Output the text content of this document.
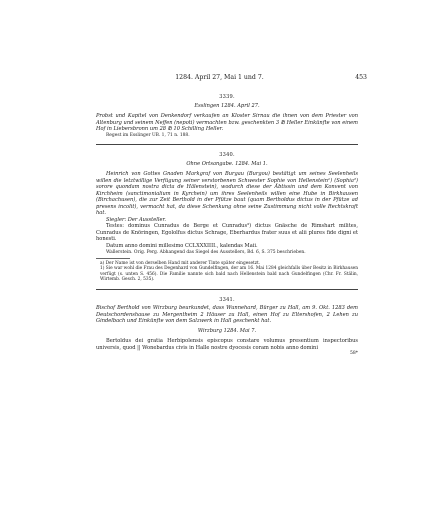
1284. April 27, Mai 1 und 7.	453
3339.
Esslingen 1284. April 27.

Probst und Kapitel von Denkendorf verkaufen an Kloster Sirnau die ihnen von dem Priester von Altenburg und seinem Neffen (nepoti) vermachten bzw. geschenkten 3 ℔ Heller Einkünfte von einem Hof in Liebersbronn um 28 ℔ 10 Schilling Heller.

Regest im Esslinger UB. 1, 71 n. 188.

3340.
Ohne Ortsangabe. 1284. Mai 1.

Heinrich von Gottes Gnaden Markgraf von Burgau (Burgou) bestätigt um seines Seelenheils willen die letztwillige Verfügung seiner verstorbenen Schwester Sophie von Hellenstein¹) (Sophia²) sorore quondam nostra dicta de Hälenstein), wodurch diese der Äbtissin und dem Konvent von Kirchheim (sanctimonialium in Kyrchein) um ihres Seelenheils willen eine Hube in Birkhausen (Birchachusen), die zur Zeit Berthold in der Pfütze baut (quam Bertholdus dictus in der Pfütze ad presens incolit), vermacht hat, da diese Schenkung ohne seine Zustimmung nicht volle Rechtskraft hat.

Siegler: Der Aussteller.

Testes: dominus Cunradus de Berge et Cunradus³) dictus Gnäsche de Rimshart milites, Cunradus de Knöringen, Egololfus dictus Schrage, Eberhardus frater suus et alii plures fide digni et honesti.

Datum anno domini millesimo CCLXXXIIII., kalendas Maii.

Wallerstein. Orig. Perg. Abhangend das Siegel des Ausstellers, Bd. 6, S. 375 beschrieben.

a) Der Name ist von derselben Hand mit anderer Tinte später eingesetzt.

1) Sie war wohl die Frau des Degenhard von Gundelfingen, der am 16. Mai 1284 gleichfalls über Besitz in Birkhausen verfügt (s. unten S. 456). Die Familie nannte sich bald nach Hellenstein bald nach Gundelfingen (Chr. Fr. Stälin, Wirtemb. Gesch. 2, 535).

3341.

Bischof Berthold von Wirzburg beurkundet, dass Wunnehard, Bürger zu Hall, am 9. Okt. 1283 dem Deutschordenshause zu Mergentheim 2 Häuser zu Hall, einen Hof zu Eltershofen, 2 Lehen zu Gindelbach und Einkünfte von dem Salzwerk in Hall geschenkt hat.

Wirzburg 1284. Mai 7.

Bertoldus dei gratia Herbipolensis episcopus constare volumus presentium inspectoribus universis, quod || Wonebardus civis in Halle nostre dyocesis coram nobis anno domini

58*
